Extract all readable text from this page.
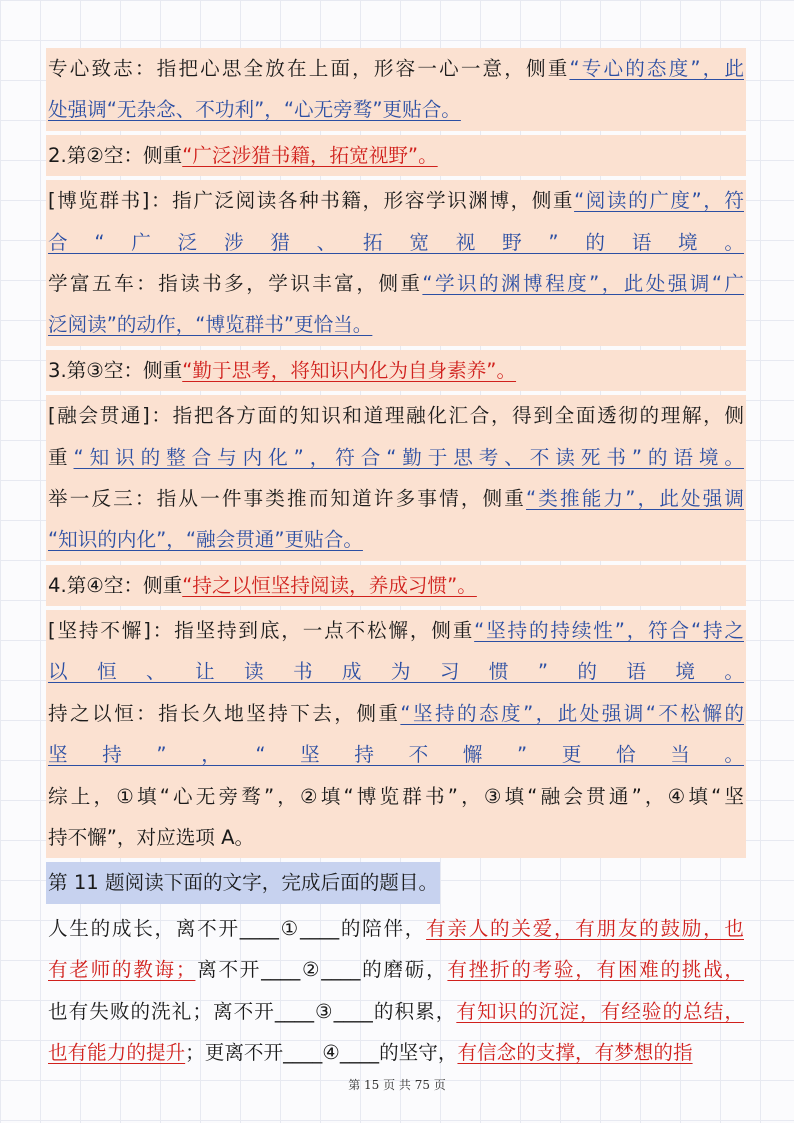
专心致志：指把心思全放在上面，形容一心一意，侧重“专心的态度”，此
处强调“无杂念、不功利”，“心无旁骛”更贴合。
2.第②空：侧重“广泛涉猎书籍，拓宽视野”。
[博览群书]：指广泛阅读各种书籍，形容学识渊博，侧重“阅读的广度”，符
合“广泛涉猎、拓宽视野”的语境。
学富五车：指读书多，学识丰富，侧重“学识的渊博程度”，此处强调“广
泛阅读”的动作，“博览群书”更恰当。
3.第③空：侧重“勤于思考，将知识内化为自身素养”。
[融会贯通]：指把各方面的知识和道理融化汇合，得到全面透彻的理解，侧
重“知识的整合与内化”，符合“勤于思考、不读死书”的语境。
举一反三：指从一件事类推而知道许多事情，侧重“类推能力”，此处强调
“知识的内化”，“融会贯通”更贴合。
4.第④空：侧重“持之以恒坚持阅读，养成习惯”。
[坚持不懈]：指坚持到底，一点不松懈，侧重“坚持的持续性”，符合“持之
以恒、让读书成为习惯”的语境。
持之以恒：指长久地坚持下去，侧重“坚持的态度”，此处强调“不松懈的
坚持”，“坚持不懈”更恰当。
综上，①填“心无旁骛”，②填“博览群书”，③填“融会贯通”，④填“坚
持不懈”，对应选项 A。
第 11 题阅读下面的文字，完成后面的题目。
人生的成长，离不开____①____的陪伴，有亲人的关爱，有朋友的鼓励，也
有老师的教诲；离不开____②____的磨砺，有挫折的考验，有困难的挑战，
也有失败的洗礼；离不开____③____的积累，有知识的沉淀，有经验的总结，
也有能力的提升；更离不开____④____的坚守，有信念的支撑，有梦想的指
第 15 页 共 75 页
